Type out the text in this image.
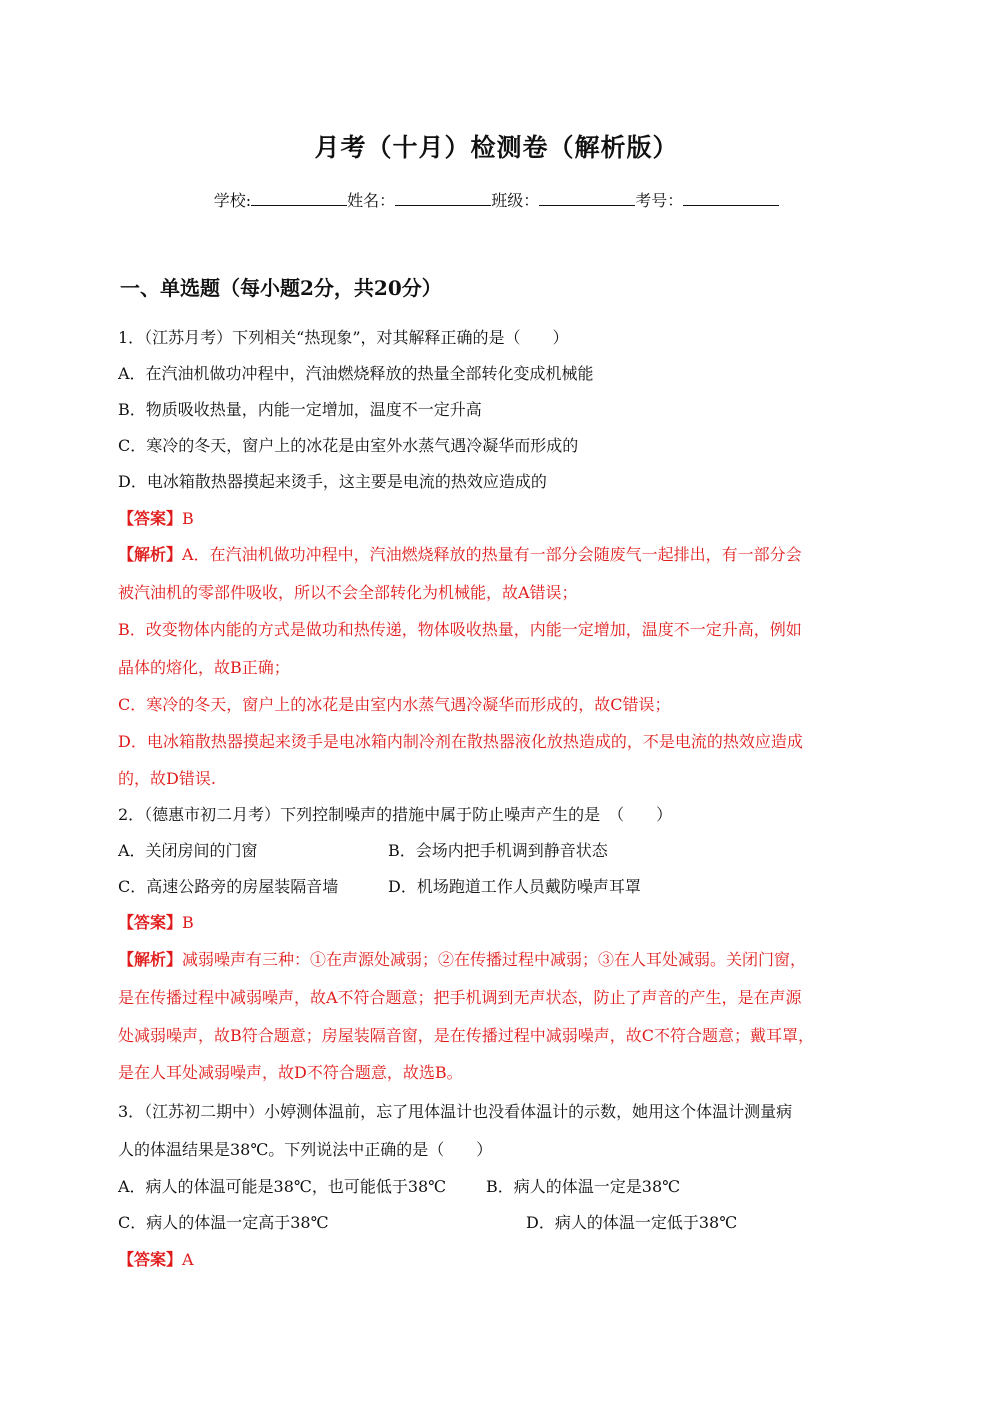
月考（十月）检测卷（解析版）
学校:	姓名：	班级：	考号：
一、单选题（每小题2分，共20分）
1．（江苏月考）下列相关“热现象”，对其解释正确的是（　　）
A．在汽油机做功冲程中，汽油燃烧释放的热量全部转化变成机械能
B．物质吸收热量，内能一定增加，温度不一定升高
C．寒冷的冬天，窗户上的冰花是由室外水蒸气遇冷凝华而形成的
D．电冰箱散热器摸起来烫手，这主要是电流的热效应造成的
【答案】B
【解析】A．在汽油机做功冲程中，汽油燃烧释放的热量有一部分会随废气一起排出，有一部分会
被汽油机的零部件吸收，所以不会全部转化为机械能，故A错误；
B．改变物体内能的方式是做功和热传递，物体吸收热量，内能一定增加，温度不一定升高，例如
晶体的熔化，故B正确；
C．寒冷的冬天，窗户上的冰花是由室内水蒸气遇冷凝华而形成的，故C错误；
D．电冰箱散热器摸起来烫手是电冰箱内制冷剂在散热器液化放热造成的，不是电流的热效应造成
的，故D错误.
2．（德惠市初二月考）下列控制噪声的措施中属于防止噪声产生的是　（　　）
A．关闭房间的门窗	B．会场内把手机调到静音状态
C．高速公路旁的房屋装隔音墙	D．机场跑道工作人员戴防噪声耳罩
【答案】B
【解析】减弱噪声有三种：①在声源处减弱；②在传播过程中减弱；③在人耳处减弱。关闭门窗，
是在传播过程中减弱噪声，故A不符合题意；把手机调到无声状态，防止了声音的产生，是在声源
处减弱噪声，故B符合题意；房屋装隔音窗，是在传播过程中减弱噪声，故C不符合题意；戴耳罩，
是在人耳处减弱噪声，故D不符合题意，故选B。
3．（江苏初二期中）小婷测体温前，忘了甩体温计也没看体温计的示数，她用这个体温计测量病
人的体温结果是38℃。下列说法中正确的是（　　）
A．病人的体温可能是38℃，也可能低于38℃ B．病人的体温一定是38℃
C．病人的体温一定高于38℃	D．病人的体温一定低于38℃
【答案】A
